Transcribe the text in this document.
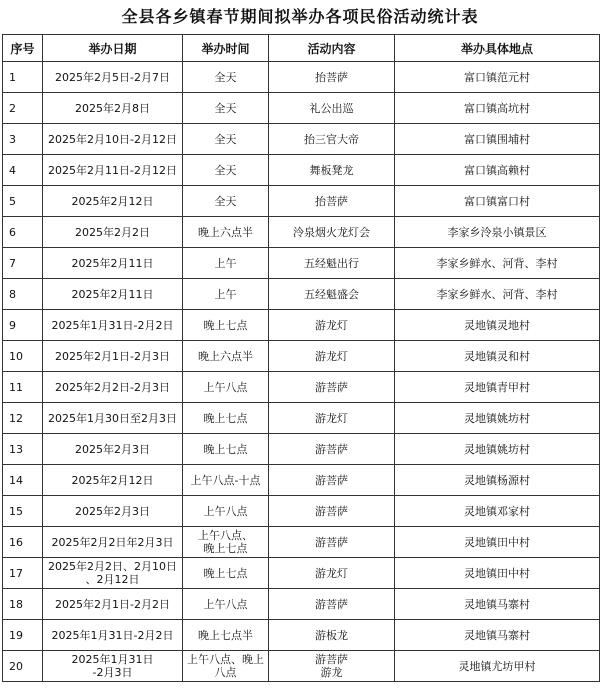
全县各乡镇春节期间拟举办各项民俗活动统计表
序号	举办日期	举办时间	活动内容	举办具体地点
1	2025年2月5日-2月7日	全天	抬菩萨	富口镇范元村
2	2025年2月8日	全天	礼公出巡	富口镇高坑村
3	2025年2月10日-2月12日	全天	抬三官大帝	富口镇围埔村
4	2025年2月11日-2月12日	全天	舞板凳龙	富口镇高赖村
5	2025年2月12日	全天	抬菩萨	富口镇富口村
6	2025年2月2日	晚上六点半	泠泉烟火龙灯会	李家乡泠泉小镇景区
7	2025年2月11日	上午	五经魁出行	李家乡鲜水、河背、李村
8	2025年2月11日	上午	五经魁盛会	李家乡鲜水、河背、李村
9	2025年1月31日-2月2日	晚上七点	游龙灯	灵地镇灵地村
10	2025年2月1日-2月3日	晚上六点半	游龙灯	灵地镇灵和村
11	2025年2月2日-2月3日	上午八点	游菩萨	灵地镇青甲村
12	2025年1月30日至2月3日	晚上七点	游龙灯	灵地镇姚坊村
13	2025年2月3日	晚上七点	游菩萨	灵地镇姚坊村
14	2025年2月12日	上午八点-十点	游菩萨	灵地镇杨源村
15	2025年2月3日	上午八点	游菩萨	灵地镇邓家村
16	2025年2月2日年2月3日	上午八点、
晚上七点	游菩萨	灵地镇田中村
17	2025年2月2日、2月10日
、2月12日	晚上七点	游龙灯	灵地镇田中村
18	2025年2月1日-2月2日	上午八点	游菩萨	灵地镇马寨村
19	2025年1月31日-2月2日	晚上七点半	游板龙	灵地镇马寨村
20	2025年1月31日
-2月3日	上午八点、晚上
八点	游菩萨
游龙	灵地镇尤坊甲村
